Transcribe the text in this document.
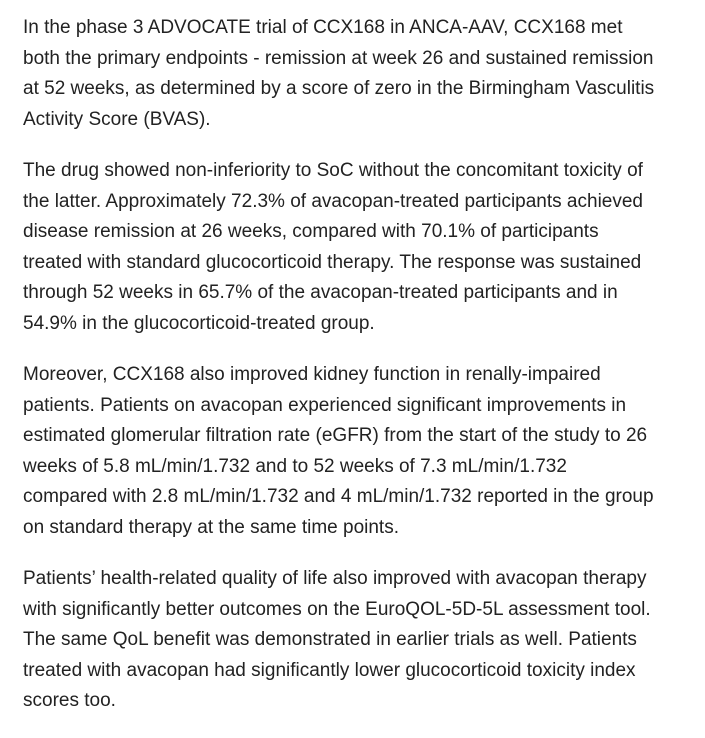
In the phase 3 ADVOCATE trial of CCX168 in ANCA-AAV, CCX168 met
both the primary endpoints - remission at week 26 and sustained remission
at 52 weeks, as determined by a score of zero in the Birmingham Vasculitis
Activity Score (BVAS).

The drug showed non-inferiority to SoC without the concomitant toxicity of
the latter. Approximately 72.3% of avacopan-treated participants achieved
disease remission at 26 weeks, compared with 70.1% of participants
treated with standard glucocorticoid therapy. The response was sustained
through 52 weeks in 65.7% of the avacopan-treated participants and in
54.9% in the glucocorticoid-treated group.

Moreover, CCX168 also improved kidney function in renally-impaired
patients. Patients on avacopan experienced significant improvements in
estimated glomerular filtration rate (eGFR) from the start of the study to 26
weeks of 5.8 mL/min/1.732 and to 52 weeks of 7.3 mL/min/1.732
compared with 2.8 mL/min/1.732 and 4 mL/min/1.732 reported in the group
on standard therapy at the same time points.

Patients’ health-related quality of life also improved with avacopan therapy
with significantly better outcomes on the EuroQOL-5D-5L assessment tool.
The same QoL benefit was demonstrated in earlier trials as well. Patients
treated with avacopan had significantly lower glucocorticoid toxicity index
scores too.
